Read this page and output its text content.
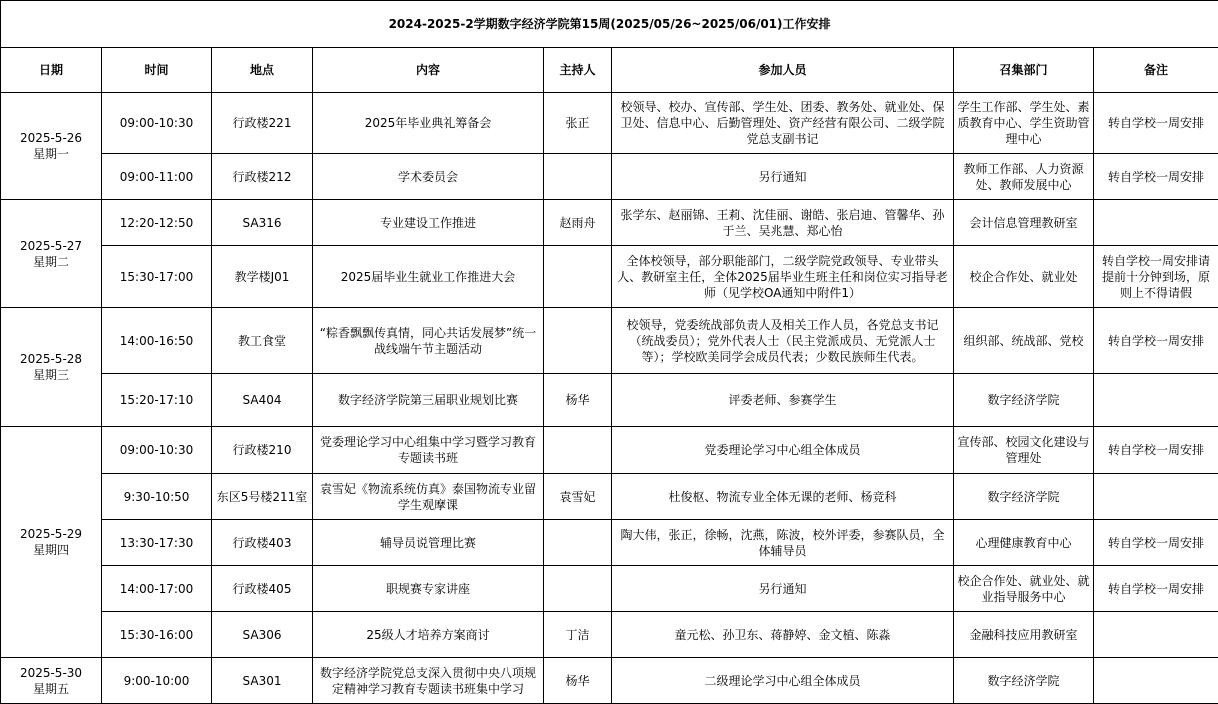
2024-2025-2学期数字经济学院第15周(2025/05/26~2025/06/01)工作安排							
日期	时间	地点	内容	主持人	参加人员	召集部门	备注

2025-5-26
星期一	09:00-10:30	行政楼221	2025年毕业典礼筹备会	张正	校领导、校办、宣传部、学生处、团委、教务处、就业处、保卫处、信息中心、后勤管理处、资产经营有限公司、二级学院党总支副书记	学生工作部、学生处、素质教育中心、学生资助管理中心	转自学校一周安排
	09:00-11:00	行政楼212	学术委员会		另行通知	教师工作部、人力资源处、教师发展中心	转自学校一周安排

2025-5-27
星期二	12:20-12:50	SA316	专业建设工作推进	赵雨舟	张学东、赵丽锦、王莉、沈佳丽、谢皓、张启迪、管馨华、孙于兰、吴兆慧、郑心怡	会计信息管理教研室	
	15:30-17:00	教学楼J01	2025届毕业生就业工作推进大会		全体校领导，部分职能部门，二级学院党政领导、专业带头人、教研室主任，全体2025届毕业生班主任和岗位实习指导老师（见学校OA通知中附件1）	校企合作处、就业处	转自学校一周安排请提前十分钟到场，原则上不得请假

2025-5-28
星期三	14:00-16:50	教工食堂	“粽香飘飘传真情，同心共话发展梦”统一战线端午节主题活动		校领导，党委统战部负责人及相关工作人员，各党总支书记（统战委员）；党外代表人士（民主党派成员、无党派人士等）；学校欧美同学会成员代表；少数民族师生代表。	组织部、统战部、党校	转自学校一周安排
	15:20-17:10	SA404	数字经济学院第三届职业规划比赛	杨华	评委老师、参赛学生	数字经济学院	

2025-5-29
星期四	09:00-10:30	行政楼210	党委理论学习中心组集中学习暨学习教育专题读书班		党委理论学习中心组全体成员	宣传部、校园文化建设与管理处	转自学校一周安排
	9:30-10:50	东区5号楼211室	袁雪妃《物流系统仿真》泰国物流专业留学生观摩课	袁雪妃	杜俊枢、物流专业全体无课的老师、杨竞科	数字经济学院	
	13:30-17:30	行政楼403	辅导员说管理比赛		陶大伟，张正，徐畅，沈燕，陈波，校外评委，参赛队员，全体辅导员	心理健康教育中心	转自学校一周安排
	14:00-17:00	行政楼405	职规赛专家讲座		另行通知	校企合作处、就业处、就业指导服务中心	转自学校一周安排
	15:30-16:00	SA306	25级人才培养方案商讨	丁洁	童元松、孙卫东、蒋静婷、金文植、陈淼	金融科技应用教研室	

2025-5-30
星期五	9:00-10:00	SA301	数字经济学院党总支深入贯彻中央八项规定精神学习教育专题读书班集中学习	杨华	二级理论学习中心组全体成员	数字经济学院	
